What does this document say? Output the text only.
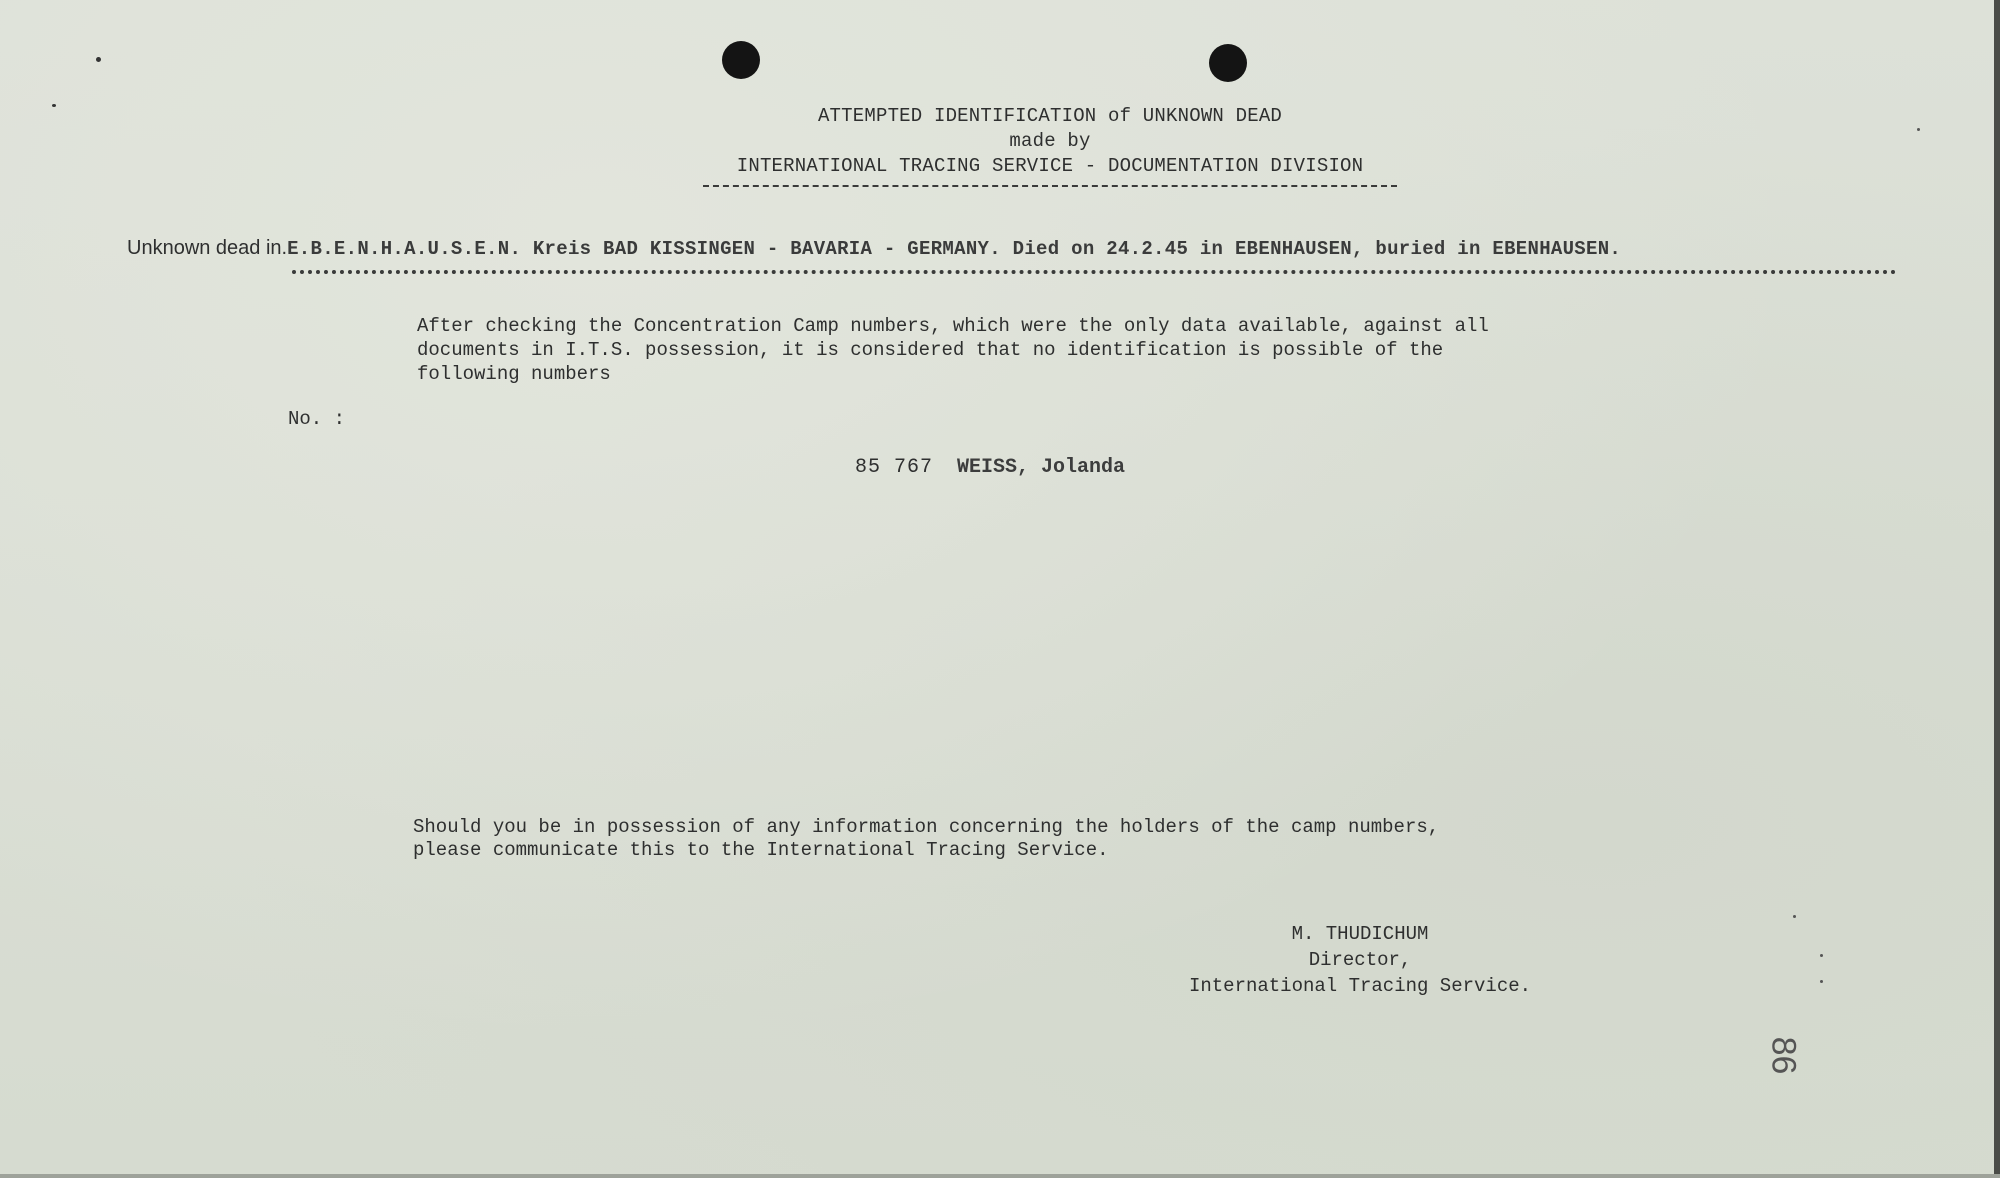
ATTEMPTED IDENTIFICATION of UNKNOWN DEAD
made by
INTERNATIONAL TRACING SERVICE - DOCUMENTATION DIVISION
Unknown dead in.E.B.E.N.H.A.U.S.E.N. Kreis BAD KISSINGEN - BAVARIA - GERMANY. Died on 24.2.45 in EBENHAUSEN, buried in EBENHAUSEN.
After checking the Concentration Camp numbers, which were the only data available, against all
documents in I.T.S. possession, it is considered that no identification is possible of the
following numbers
No. :
85 767 WEISS, Jolanda
Should you be in possession of any information concerning the holders of the camp numbers,
please communicate this to the International Tracing Service.
M. THUDICHUM
Director,
International Tracing Service.
86
